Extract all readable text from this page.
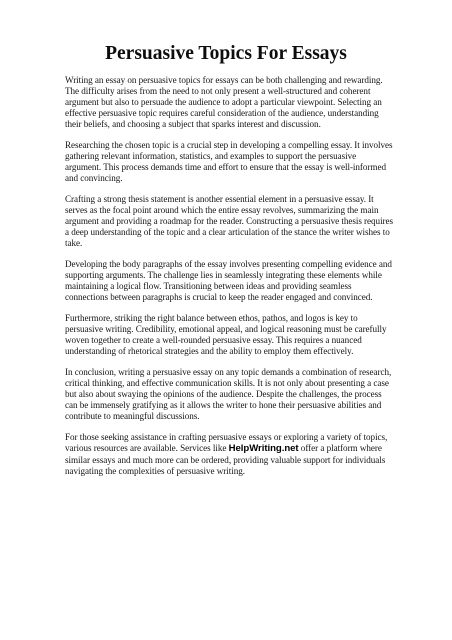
Persuasive Topics For Essays

Writing an essay on persuasive topics for essays can be both challenging and rewarding. The difficulty arises from the need to not only present a well-structured and coherent argument but also to persuade the audience to adopt a particular viewpoint. Selecting an effective persuasive topic requires careful consideration of the audience, understanding their beliefs, and choosing a subject that sparks interest and discussion.

Researching the chosen topic is a crucial step in developing a compelling essay. It involves gathering relevant information, statistics, and examples to support the persuasive argument. This process demands time and effort to ensure that the essay is well-informed and convincing.

Crafting a strong thesis statement is another essential element in a persuasive essay. It serves as the focal point around which the entire essay revolves, summarizing the main argument and providing a roadmap for the reader. Constructing a persuasive thesis requires a deep understanding of the topic and a clear articulation of the stance the writer wishes to take.

Developing the body paragraphs of the essay involves presenting compelling evidence and supporting arguments. The challenge lies in seamlessly integrating these elements while maintaining a logical flow. Transitioning between ideas and providing seamless connections between paragraphs is crucial to keep the reader engaged and convinced.

Furthermore, striking the right balance between ethos, pathos, and logos is key to persuasive writing. Credibility, emotional appeal, and logical reasoning must be carefully woven together to create a well-rounded persuasive essay. This requires a nuanced understanding of rhetorical strategies and the ability to employ them effectively.

In conclusion, writing a persuasive essay on any topic demands a combination of research, critical thinking, and effective communication skills. It is not only about presenting a case but also about swaying the opinions of the audience. Despite the challenges, the process can be immensely gratifying as it allows the writer to hone their persuasive abilities and contribute to meaningful discussions.

For those seeking assistance in crafting persuasive essays or exploring a variety of topics, various resources are available. Services like HelpWriting.net offer a platform where similar essays and much more can be ordered, providing valuable support for individuals navigating the complexities of persuasive writing.
